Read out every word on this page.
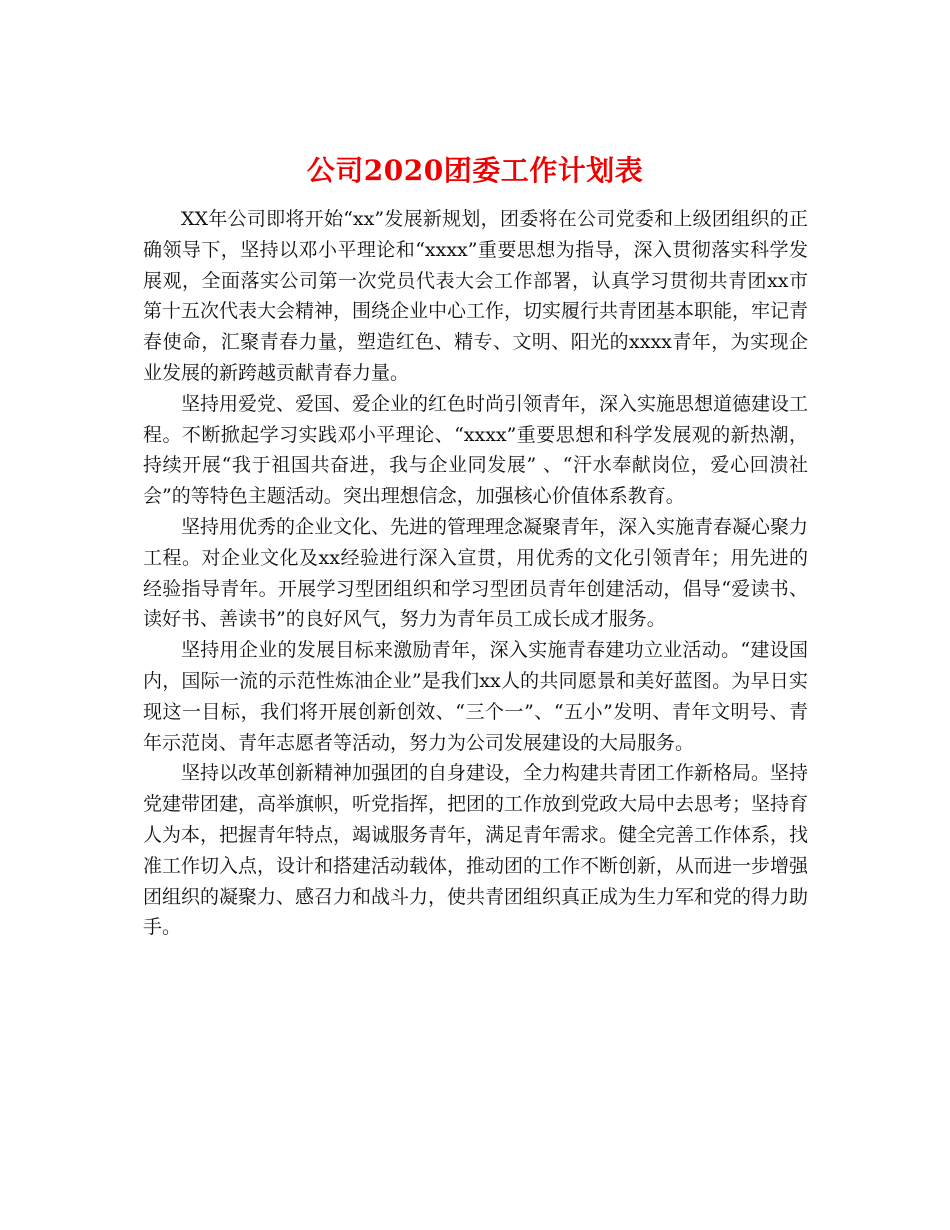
公司2020团委工作计划表

XX年公司即将开始“xx”发展新规划，团委将在公司党委和上级团组织的正确领导下，坚持以邓小平理论和“xxxx”重要思想为指导，深入贯彻落实科学发展观，全面落实公司第一次党员代表大会工作部署，认真学习贯彻共青团xx市第十五次代表大会精神，围绕企业中心工作，切实履行共青团基本职能，牢记青春使命，汇聚青春力量，塑造红色、精专、文明、阳光的xxxx青年，为实现企业发展的新跨越贡献青春力量。

坚持用爱党、爱国、爱企业的红色时尚引领青年，深入实施思想道德建设工程。不断掀起学习实践邓小平理论、“xxxx”重要思想和科学发展观的新热潮，持续开展“我于祖国共奋进，我与企业同发展” 、“汗水奉献岗位，爱心回溃社会”的等特色主题活动。突出理想信念，加强核心价值体系教育。

坚持用优秀的企业文化、先进的管理理念凝聚青年，深入实施青春凝心聚力工程。对企业文化及xx经验进行深入宣贯，用优秀的文化引领青年；用先进的经验指导青年。开展学习型团组织和学习型团员青年创建活动，倡导“爱读书、读好书、善读书”的良好风气，努力为青年员工成长成才服务。

坚持用企业的发展目标来激励青年，深入实施青春建功立业活动。“建设国内，国际一流的示范性炼油企业”是我们xx人的共同愿景和美好蓝图。为早日实现这一目标，我们将开展创新创效、“三个一”、“五小”发明、青年文明号、青年示范岗、青年志愿者等活动，努力为公司发展建设的大局服务。

坚持以改革创新精神加强团的自身建设，全力构建共青团工作新格局。坚持党建带团建，高举旗帜，听党指挥，把团的工作放到党政大局中去思考；坚持育人为本，把握青年特点，竭诚服务青年，满足青年需求。健全完善工作体系，找准工作切入点，设计和搭建活动载体，推动团的工作不断创新，从而进一步增强团组织的凝聚力、感召力和战斗力，使共青团组织真正成为生力军和党的得力助手。
